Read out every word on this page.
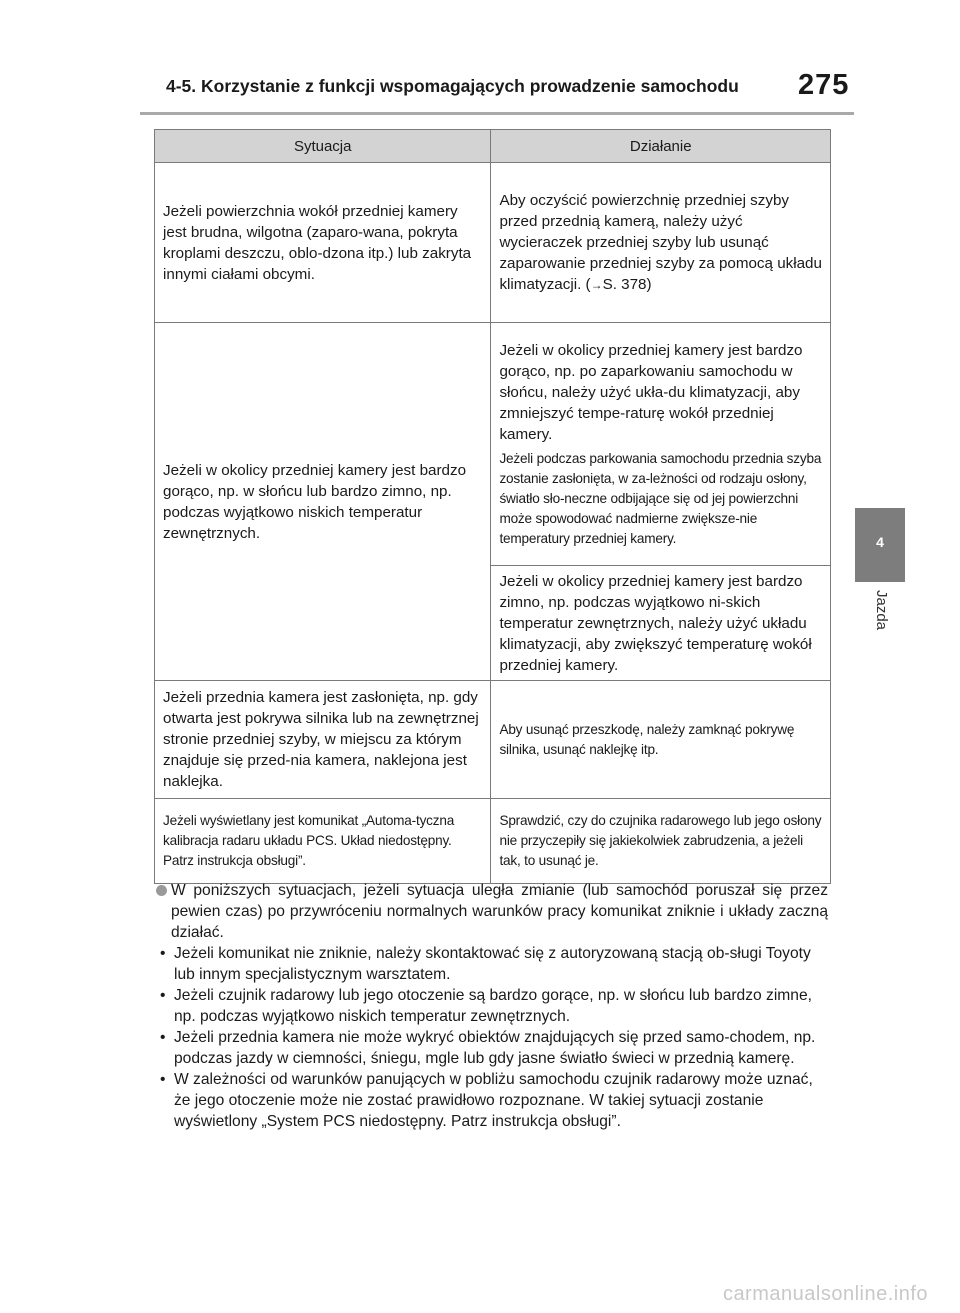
4-5. Korzystanie z funkcji wspomagających prowadzenie samochodu 275
4
Jazda
Sytuacja	Działanie
Jeżeli powierzchnia wokół przedniej kamery jest brudna, wilgotna (zaparo-wana, pokryta kroplami deszczu, oblo-dzona itp.) lub zakryta innymi ciałami obcymi.	Aby oczyścić powierzchnię przedniej szyby przed przednią kamerą, należy użyć wycieraczek przedniej szyby lub usunąć zaparowanie przedniej szyby za pomocą układu klimatyzacji. (→S. 378)
Jeżeli w okolicy przedniej kamery jest bardzo gorąco, np. w słońcu lub bardzo zimno, np. podczas wyjątkowo niskich temperatur zewnętrznych.	Jeżeli w okolicy przedniej kamery jest bardzo gorąco, np. po zaparkowaniu samochodu w słońcu, należy użyć ukła-du klimatyzacji, aby zmniejszyć tempe-raturę wokół przedniej kamery.
Jeżeli podczas parkowania samochodu przednia szyba zostanie zasłonięta, w za-leżności od rodzaju osłony, światło sło-neczne odbijające się od jej powierzchni może spowodować nadmierne zwiększe-nie temperatury przedniej kamery.

	Jeżeli w okolicy przedniej kamery jest bardzo zimno, np. podczas wyjątkowo ni-skich temperatur zewnętrznych, należy użyć układu klimatyzacji, aby zwiększyć temperaturę wokół przedniej kamery.
Jeżeli przednia kamera jest zasłonięta, np. gdy otwarta jest pokrywa silnika lub na zewnętrznej stronie przedniej szyby, w miejscu za którym znajduje się przed-nia kamera, naklejona jest naklejka.	Aby usunąć przeszkodę, należy zamknąć pokrywę silnika, usunąć naklejkę itp.
Jeżeli wyświetlany jest komunikat „Automa-tyczna kalibracja radaru układu PCS. Układ niedostępny. Patrz instrukcja obsługi”.	Sprawdzić, czy do czujnika radarowego lub jego osłony nie przyczepiły się jakiekolwiek zabrudzenia, a jeżeli tak, to usunąć je.
W poniższych sytuacjach, jeżeli sytuacja uległa zmianie (lub samochód poruszał się przez pewien czas) po przywróceniu normalnych warunków pracy komunikat zniknie i układy zaczną działać.
• Jeżeli komunikat nie zniknie, należy skontaktować się z autoryzowaną stacją ob-sługi Toyoty lub innym specjalistycznym warsztatem.
• Jeżeli czujnik radarowy lub jego otoczenie są bardzo gorące, np. w słońcu lub bardzo zimne, np. podczas wyjątkowo niskich temperatur zewnętrznych.
• Jeżeli przednia kamera nie może wykryć obiektów znajdujących się przed samo-chodem, np. podczas jazdy w ciemności, śniegu, mgle lub gdy jasne światło świeci w przednią kamerę.
• W zależności od warunków panujących w pobliżu samochodu czujnik radarowy może uznać, że jego otoczenie może nie zostać prawidłowo rozpoznane. W takiej sytuacji zostanie wyświetlony „System PCS niedostępny. Patrz instrukcja obsługi”.
carmanualsonline.info
